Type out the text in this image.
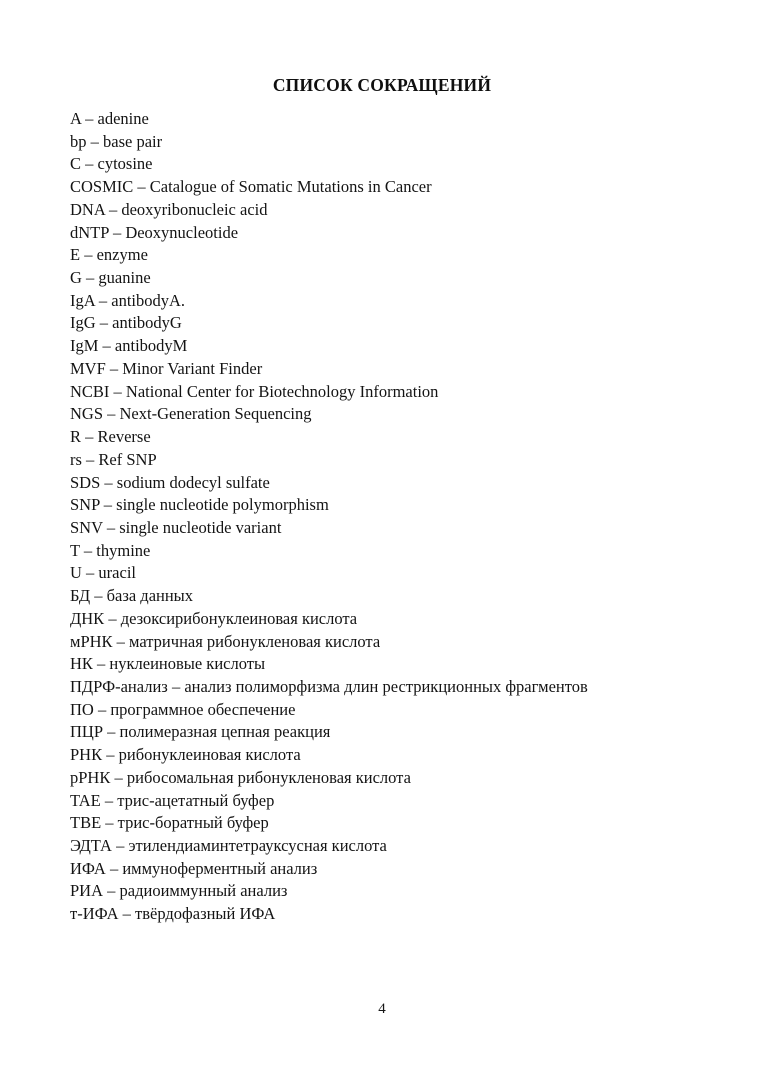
СПИСОК СОКРАЩЕНИЙ
A – adenine
bp – base pair
C – cytosine
COSMIC – Catalogue of Somatic Mutations in Cancer
DNA – deoxyribonucleic acid
dNTP – Deoxynucleotide
E – enzyme
G – guanine
IgA – antibodyA.
IgG – antibodyG
IgM – antibodyM
MVF – Minor Variant Finder
NCBI – National Center for Biotechnology Information
NGS – Next-Generation Sequencing
R – Reverse
rs – Ref SNP
SDS – sodium dodecyl sulfate
SNP – single nucleotide polymorphism
SNV – single nucleotide variant
T – thymine
U – uracil
БД – база данных
ДНК – дезоксирибонуклеиновая кислота
мРНК – матричная рибонукленовая кислота
НК – нуклеиновые кислоты
ПДРФ-анализ – анализ полиморфизма длин рестрикционных фрагментов
ПО – программное обеспечение
ПЦР – полимеразная цепная реакция
РНК – рибонуклеиновая кислота
рРНК – рибосомальная рибонукленовая кислота
TAE – трис-ацетатный буфер
TBE – трис-боратный буфер
ЭДТА – этилендиаминтетрауксусная кислота
ИФА – иммуноферментный анализ
РИА – радиоиммунный анализ
т-ИФА – твёрдофазный ИФА
4
